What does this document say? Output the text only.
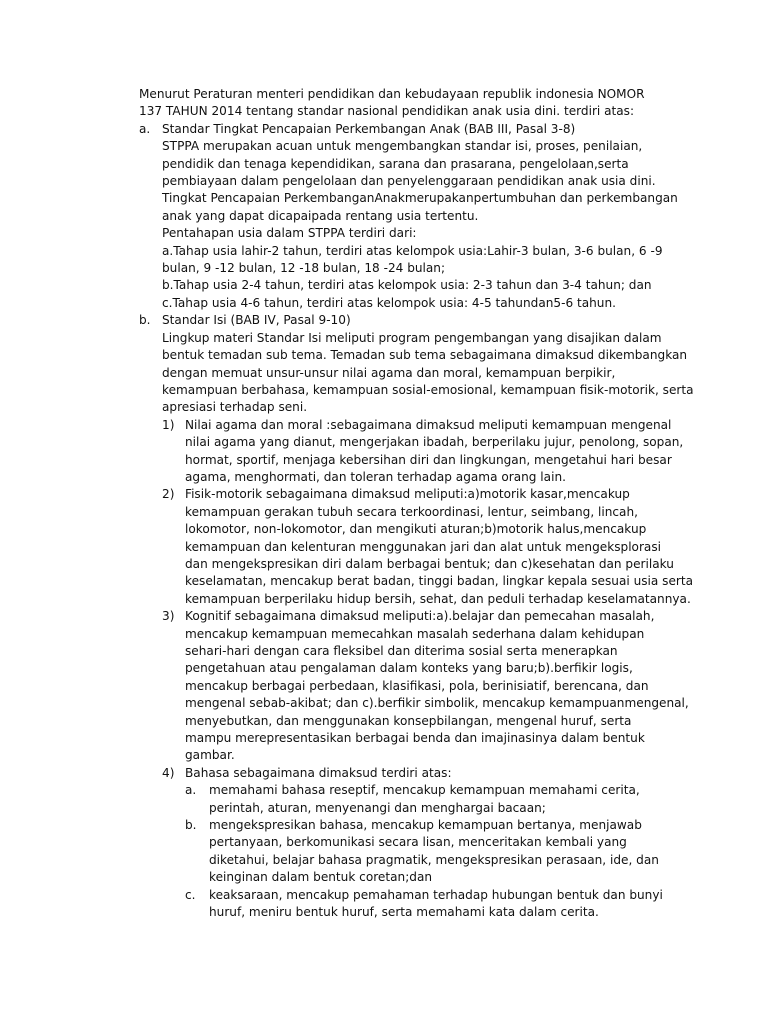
Menurut Peraturan menteri pendidikan dan kebudayaan republik indonesia NOMOR

137 TAHUN 2014 tentang standar nasional pendidikan anak usia dini. terdiri atas:

a. Standar Tingkat Pencapaian Perkembangan Anak (BAB III, Pasal 3-8)

STPPA merupakan acuan untuk mengembangkan standar isi, proses, penilaian,

pendidik dan tenaga kependidikan, sarana dan prasarana, pengelolaan,serta

pembiayaan dalam pengelolaan dan penyelenggaraan pendidikan anak usia dini.

Tingkat Pencapaian PerkembanganAnakmerupakanpertumbuhan dan perkembangan

anak yang dapat dicapaipada rentang usia tertentu.

Pentahapan usia dalam STPPA terdiri dari:

a.Tahap usia lahir-2 tahun, terdiri atas kelompok usia:Lahir-3 bulan, 3-6 bulan, 6 -9

bulan, 9 -12 bulan, 12 -18 bulan, 18 -24 bulan;

b.Tahap usia 2-4 tahun, terdiri atas kelompok usia: 2-3 tahun dan 3-4 tahun; dan

c.Tahap usia 4-6 tahun, terdiri atas kelompok usia: 4-5 tahundan5-6 tahun.

b. Standar Isi (BAB IV, Pasal 9-10)

Lingkup materi Standar Isi meliputi program pengembangan yang disajikan dalam

bentuk temadan sub tema. Temadan sub tema sebagaimana dimaksud dikembangkan

dengan memuat unsur-unsur nilai agama dan moral, kemampuan berpikir,

kemampuan berbahasa, kemampuan sosial-emosional, kemampuan fisik-motorik, serta

apresiasi terhadap seni.

1) Nilai agama dan moral :sebagaimana dimaksud meliputi kemampuan mengenal

nilai agama yang dianut, mengerjakan ibadah, berperilaku jujur, penolong, sopan,

hormat, sportif, menjaga kebersihan diri dan lingkungan, mengetahui hari besar

agama, menghormati, dan toleran terhadap agama orang lain.

2) Fisik-motorik sebagaimana dimaksud meliputi:a)motorik kasar,mencakup

kemampuan gerakan tubuh secara terkoordinasi, lentur, seimbang, lincah,

lokomotor, non-lokomotor, dan mengikuti aturan;b)motorik halus,mencakup

kemampuan dan kelenturan menggunakan jari dan alat untuk mengeksplorasi

dan mengekspresikan diri dalam berbagai bentuk; dan c)kesehatan dan perilaku

keselamatan, mencakup berat badan, tinggi badan, lingkar kepala sesuai usia serta

kemampuan berperilaku hidup bersih, sehat, dan peduli terhadap keselamatannya.

3) Kognitif sebagaimana dimaksud meliputi:a).belajar dan pemecahan masalah,

mencakup kemampuan memecahkan masalah sederhana dalam kehidupan

sehari-hari dengan cara fleksibel dan diterima sosial serta menerapkan

pengetahuan atau pengalaman dalam konteks yang baru;b).berfikir logis,

mencakup berbagai perbedaan, klasifikasi, pola, berinisiatif, berencana, dan

mengenal sebab-akibat; dan c).berfikir simbolik, mencakup kemampuanmengenal,

menyebutkan, dan menggunakan konsepbilangan, mengenal huruf, serta

mampu merepresentasikan berbagai benda dan imajinasinya dalam bentuk

gambar.

4) Bahasa sebagaimana dimaksud terdiri atas:

a. memahami bahasa reseptif, mencakup kemampuan memahami cerita,

perintah, aturan, menyenangi dan menghargai bacaan;

b. mengekspresikan bahasa, mencakup kemampuan bertanya, menjawab

pertanyaan, berkomunikasi secara lisan, menceritakan kembali yang

diketahui, belajar bahasa pragmatik, mengekspresikan perasaan, ide, dan

keinginan dalam bentuk coretan;dan

c. keaksaraan, mencakup pemahaman terhadap hubungan bentuk dan bunyi

huruf, meniru bentuk huruf, serta memahami kata dalam cerita.
